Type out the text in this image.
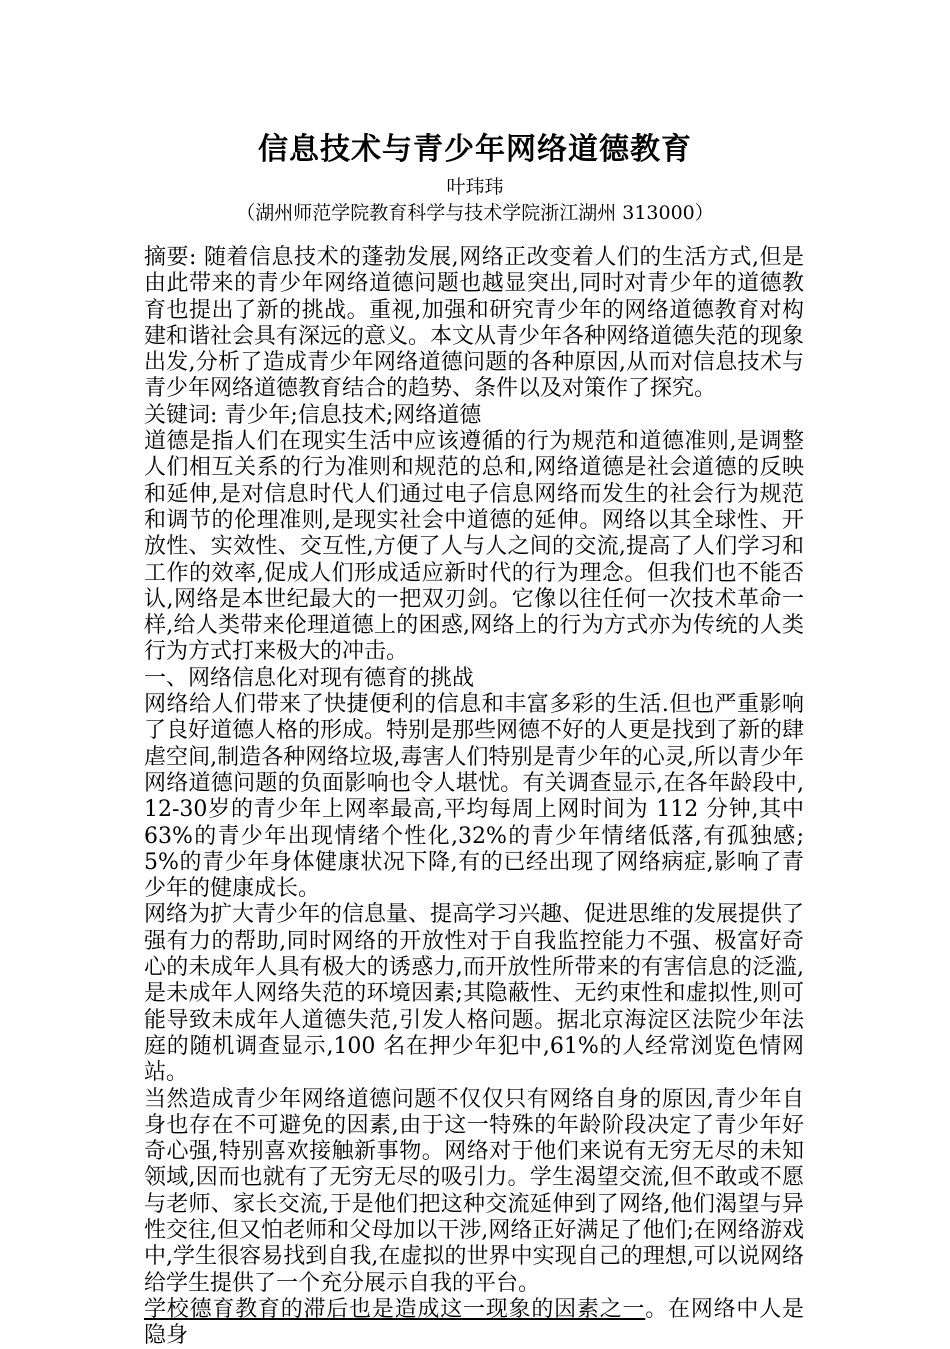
信息技术与青少年网络道德教育
叶玮玮
（湖州师范学院教育科学与技术学院浙江湖州 313000）

摘要: 随着信息技术的蓬勃发展,网络正改变着人们的生活方式,但是由此带来的青少年网络道德问题也越显突出,同时对青少年的道德教育也提出了新的挑战。重视,加强和研究青少年的网络道德教育对构建和谐社会具有深远的意义。本文从青少年各种网络道德失范的现象出发,分析了造成青少年网络道德问题的各种原因,从而对信息技术与青少年网络道德教育结合的趋势、条件以及对策作了探究。

关键词: 青少年;信息技术;网络道德

道德是指人们在现实生活中应该遵循的行为规范和道德准则,是调整人们相互关系的行为准则和规范的总和,网络道德是社会道德的反映和延伸,是对信息时代人们通过电子信息网络而发生的社会行为规范和调节的伦理准则,是现实社会中道德的延伸。网络以其全球性、开放性、实效性、交互性,方便了人与人之间的交流,提高了人们学习和工作的效率,促成人们形成适应新时代的行为理念。但我们也不能否认,网络是本世纪最大的一把双刃剑。它像以往任何一次技术革命一样,给人类带来伦理道德上的困惑,网络上的行为方式亦为传统的人类行为方式打来极大的冲击。

一、网络信息化对现有德育的挑战

网络给人们带来了快捷便利的信息和丰富多彩的生活.但也严重影响了良好道德人格的形成。特别是那些网德不好的人更是找到了新的肆虐空间,制造各种网络垃圾,毒害人们特别是青少年的心灵,所以青少年网络道德问题的负面影响也令人堪忧。有关调查显示,在各年龄段中,12-30岁的青少年上网率最高,平均每周上网时间为 112 分钟,其中 63%的青少年出现情绪个性化,32%的青少年情绪低落,有孤独感;5%的青少年身体健康状况下降,有的已经出现了网络病症,影响了青少年的健康成长。

网络为扩大青少年的信息量、提高学习兴趣、促进思维的发展提供了强有力的帮助,同时网络的开放性对于自我监控能力不强、极富好奇心的未成年人具有极大的诱惑力,而开放性所带来的有害信息的泛滥,是未成年人网络失范的环境因素;其隐蔽性、无约束性和虚拟性,则可能导致未成年人道德失范,引发人格问题。据北京海淀区法院少年法庭的随机调查显示,100 名在押少年犯中,61%的人经常浏览色情网站。

当然造成青少年网络道德问题不仅仅只有网络自身的原因,青少年自身也存在不可避免的因素,由于这一特殊的年龄阶段决定了青少年好奇心强,特别喜欢接触新事物。网络对于他们来说有无穷无尽的未知领域,因而也就有了无穷无尽的吸引力。学生渴望交流,但不敢或不愿与老师、家长交流,于是他们把这种交流延伸到了网络,他们渴望与异性交往,但又怕老师和父母加以干涉,网络正好满足了他们;在网络游戏中,学生很容易找到自我,在虚拟的世界中实现自己的理想,可以说网络给学生提供了一个充分展示自我的平台。

学校德育教育的滞后也是造成这一现象的因素之一。在网络中人是隐身
